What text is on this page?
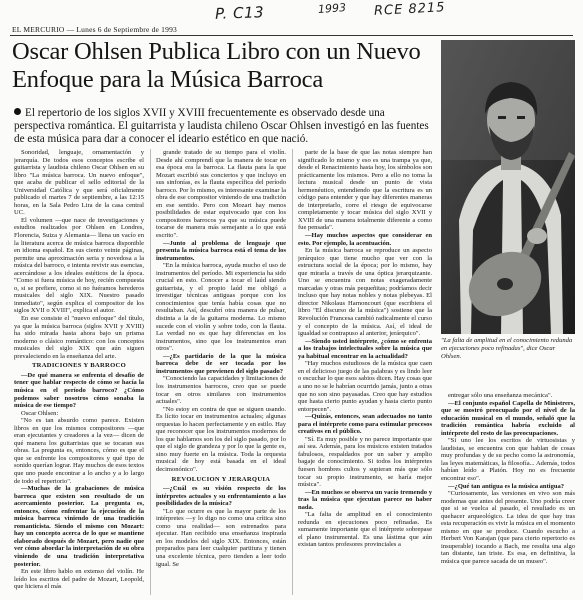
P. C13	1993 RCE 8215
EL MERCURIO — Lunes 6 de Septiembre de 1993
Oscar Ohlsen Publica Libro con un Nuevo Enfoque para la Música Barroca

El repertorio de los siglos XVII y XVIII frecuentemente es observado desde una perspectiva romántica. El guitarrista y laudista chileno Oscar Ohlsen investigó en las fuentes de esta música para dar a conocer el ideario estético en que nació.

"La falta de amplitud en el conocimiento redunda en ejecuciones poco refinadas", dice Oscar Ohlsen.

Sonoridad, lenguaje, ornamentación y jerarquía. De todos esos conceptos escribe el guitarrista y laudista chileno Oscar Ohlsen en su libro "La música barroca. Un nuevo enfoque", que acaba de publicar el sello editorial de la Universidad Católica y que será oficialmente publicado el martes 7 de septiembre, a las 12:15 horas, en la Sala Pedro Lira de la casa central UC.

El volumen —que nace de investigaciones y estudios realizados por Ohlsen en Londres, Florencia, Suiza y Alemania— llena un vacío en la literatura acerca de música barroca disponible en idioma español. En sus ciento veinte páginas, permite una aproximación seria y novedosa a la música del barroco, e intenta revivir sus esencias, acercándose a los ideales estéticos de la época. "Como si fuera música de hoy, recién compuesta o, si se prefiere, como si no fuéramos herederos musicales del siglo XIX. Nuestro pasado inmediato", según explica el compositor de los siglos XVII o XVIII", explica el autor.

En ese consiste el "nuevo enfoque" del título, ya que la música barroca (siglos XVII y XVIII) ha sido mirada hasta ahora bajo un prisma moderno o clásico romántico: con los conceptos musicales del siglo XIX que aún siguen prevaleciendo en la enseñanza del arte.

TRADICIONES Y BARROCO

—De qué manera se enfrenta el desafío de tener que hablar respecto de cómo se hacía la música en el período barroco? ¿Cómo podemos saber nosotros cómo sonaba la música de ese tiempo?

Oscar Ohlsen:

"No es tan absurdo como parece. Existen libros en que los mismos compositores —que eran ejecutantes y creadores a la vez— dicen de qué manera los guitarristas que se tocaran sus obras. La pregunta es, entonces, cómo es que el que se enfrente los compositores y qué tipo de sonido querían lograr. Hay muchos de esos textos que uno puede encontrar a lo ancho y a lo largo de todo el repertorio".

—Muchas de la grabaciones de música barroca que existen son resultado de un acercamiento posterior. La pregunta es, entonces, cómo enfrentar la ejecución de la música barroca viniendo de una tradición romanticista. Siendo el mismo con Mozart: hay un concepto acerca de lo que se mantiene elaborado después de Mozart, pero nadie que ver cómo abordar la interpretación de su obra viniendo de una tradición interpretativa posterior.

En este libro hablo en extenso del violín. He leído los escritos del padre de Mozart, Leopold, que hiciera el más

grande tratado de su tiempo para el violín. Desde ahí comprendí que la manera de tocar en esa época era la barroca. La flauta para la que Mozart escribió sus conciertos y que incluyo en sus sinfonías, es la flauta específica del período barroco. Por lo mismo, es interesante examinar la obra de ese compositor viniendo de una tradición en ese sentido. Pero con Mozart hay menos posibilidades de estar equivocado que con los compositores barrocos ya que su música puede tocarse de manera más semejante a lo que está escrito".

—Junto al problema de lenguaje que presenta la música barroca está el tema de los instrumentos.

"En la música barroca, ayuda mucho el uso de instrumentos del período. Mi experiencia ha sido crucial en esto. Conocer a tocar el laúd siendo guitarrista, y el propio laúd me obligó a investigar técnicas antiguas porque con los conocimientos que tenía había cosas que no resultaban. Así, descubrí otra manera de pulsar, distinta a la de la guitarra moderna. Lo mismo sucede con el violín y sobre todo, con la flauta. La verdad no es que hay diferencias en los instrumentos, sino que los instrumentos eran otros".

—¿Es partidario de la que la música barroca debe de ser tocada por los instrumentos que provienen del siglo pasado?

"Conociendo las capacidades y limitaciones de los instrumentos barrocos, creo que se puede tocar en otros similares con instrumentos actuales".

"No estoy en contra de que se siguen usando. Es lícito tocar en instrumentos actuales; algunas orquestas lo hacen perfectamente y en estilo. Hay que reconocer que los instrumentos modernos de los que hablamos son los del siglo pasado, por lo que el siglo de grandeza y por lo que la gente es, sino muy fuerte en la música. Toda la orquesta musical de hoy está basada en el ideal decimonónico".

REVOLUCION Y JERARQUIA

—¿Cuál es su visión respecto de los intérpretes actuales y su enfrentamiento a las posibilidades de la música?

"Lo que ocurre es que la mayor parte de los intérpretes —y lo digo no como una crítica sino como una realidad— son estrenados para ejecutar. Han recibido una enseñanza inspirada en los modelos del siglo XIX. Entonces, están preparados para leer cualquier partitura y tienen una excelente técnica, pero tienden a leer todo igual. Se

parte de la base de que las notas siempre han significado lo mismo y eso es una trampa ya que, desde el Renacimiento hasta hoy, los símbolos son prácticamente los mismos. Pero a ello no toma la lectura musical desde un punto de vista hermenéutico, entendiendo que la escritura es un código para entender y que hay diferentes maneras de interpretarlo, corre el riesgo de equivocarse completamente y tocar música del siglo XVII y XVIII de una manera totalmente diferente a como fue pensada".

—Hay muchos aspectos que considerar en esto. Por ejemplo, la acentuación.

En la música barroca se reproduce un aspecto jerárquico que tiene mucho que ver con la estructura social de la época; por lo mismo, hay que mirarla a través de una óptica jerarquizante. Uno se encuentra con notas exageradamente marcadas y otras más pequeñitas; podríamos decir incluso que hay notas nobles y notas plebeyas. El director Nikolaus Harnoncourt (que escribiera el libro "El discurso de la música") sostiene que la Revolución Francesa cambió radicalmente el curso y el concepto de la música. Así, el ideal de igualdad se contrapuso al anterior, jerárquico".

—Siendo usted intérprete, ¿cómo se enfrenta a los trabajos intelectuales sobre la música que ya habitual encontrar en la actualidad?

"Hay muchos estudiosos de la música que caen en el delicioso juego de las palabras y es lindo leer o escuchar lo que esos sabios dicen. Hay cosas que a uno no se le habrían ocurrido jamás, junto a otras que no son sino payasadas. Creo que hay estudios que hasta cierto punto ayudan y hasta cierto punto entorpecen".

—Quizás, entonces, sean adecuados no tanto para el intérprete como para estimular procesos creativos en el público.

"Sí. Es muy posible y no parece importante que así sea. Además, para los músicos existen tratados fabulosos, respaldados por un saber y amplio bagaje de conocimiento. Si todos los intérpretes fuesen hombres cultos y supieran más que sólo tocar su propio instrumento, se haría mejor música".

—En muchos se observa un vacío tremendo y tras la música que ejecutan parece no haber nada.

"La falta de amplitud en el conocimiento redunda en ejecuciones poco refinadas. Es sumamente importante que el intérprete sobrepase el plano instrumental. Es una lástima que aún existan tantos profesores provinciales a

entregar sólo una enseñanza mecánica".

—El conjunto español Capella de Ministrers, que se mostró preocupado por el nivel de la educación musical en el mundo, señaló que la tradición romántica habría excluido al intérprete del resto de las preocupaciones.

"Si uno lee los escritos de virtuosistas y laudistas, se encuentra con que hablan de cosas muy profundas y de su pecho como la astronomía, las leyes matemáticas, la filosofía... Además, todos habían leído a Platón. Hoy no es frecuente encontrar eso".

—¿Qué tan antigua es la música antigua?

"Curiosamente, las versiones en vivo son más modernas que antes del presente. Uno podría creer que si se vuelca al pasado, el resultado es un quehacer arqueológico. La idea de que hay tras esta recuperación es vivir la música en el momento mismo en que se produce. Cuando escucho a Herbert Von Karajan (que para cierto repertorio es insuperable) tocando a Bach, me resulta una algo tan distante, tan triste. Es esa, en definitiva, la música que parece sacada de un museo".
